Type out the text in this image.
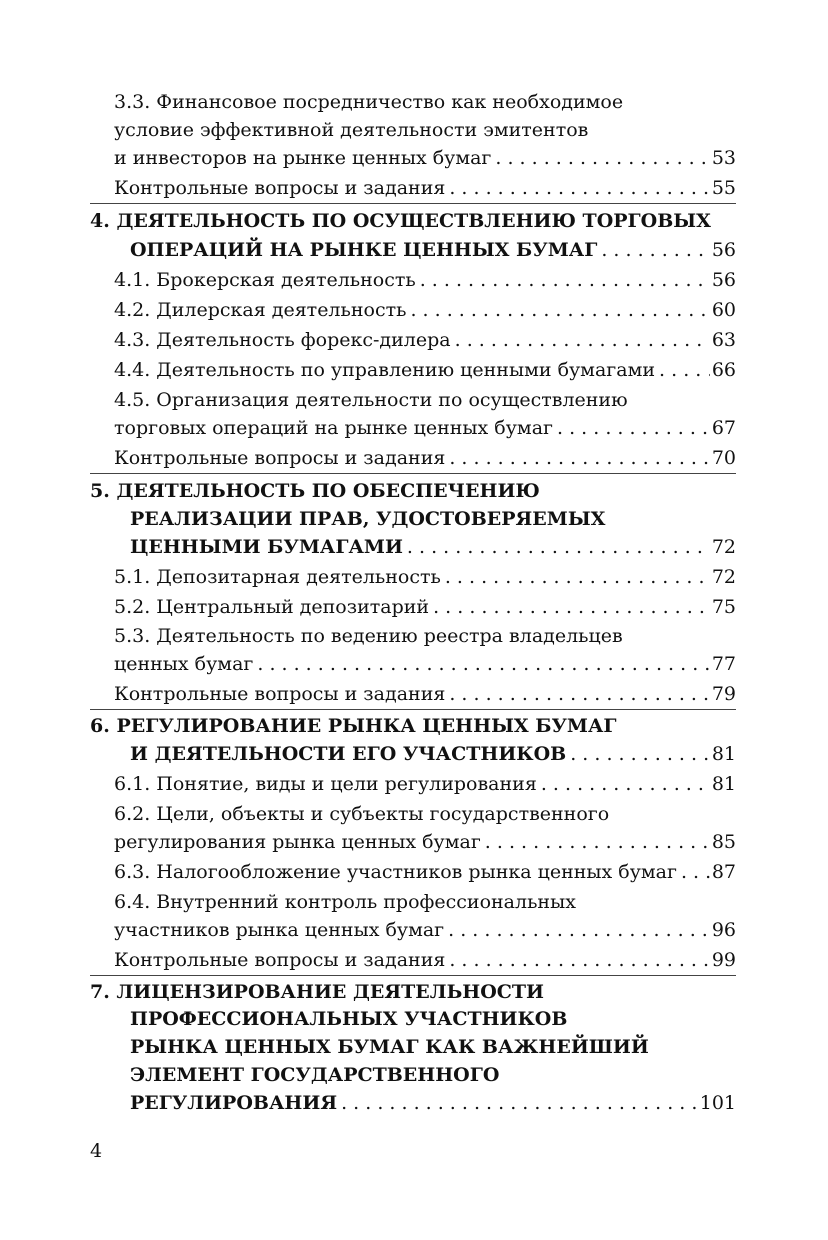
3.3. Финансовое посредничество как необходимое
условие эффективной деятельности эмитентов
и инвесторов на рынке ценных бумаг . . .	53
Контрольные вопросы и задания . . .	55
4. ДЕЯТЕЛЬНОСТЬ ПО ОСУЩЕСТВЛЕНИЮ ТОРГОВЫХ
ОПЕРАЦИЙ НА РЫНКЕ ЦЕННЫХ БУМАГ . . .	56
4.1. Брокерская деятельность . . .	56
4.2. Дилерская деятельность . . .	60
4.3. Деятельность форекс-дилера . . .	63
4.4. Деятельность по управлению ценными бумагами . . .	66
4.5. Организация деятельности по осуществлению
торговых операций на рынке ценных бумаг . . .	67
Контрольные вопросы и задания . . .	70
5. ДЕЯТЕЛЬНОСТЬ ПО ОБЕСПЕЧЕНИЮ
РЕАЛИЗАЦИИ ПРАВ, УДОСТОВЕРЯЕМЫХ
ЦЕННЫМИ БУМАГАМИ . . .	72
5.1. Депозитарная деятельность . . .	72
5.2. Центральный депозитарий . . .	75
5.3. Деятельность по ведению реестра владельцев
ценных бумаг . . .	77
Контрольные вопросы и задания . . .	79
6. РЕГУЛИРОВАНИЕ РЫНКА ЦЕННЫХ БУМАГ
И ДЕЯТЕЛЬНОСТИ ЕГО УЧАСТНИКОВ . . .	81
6.1. Понятие, виды и цели регулирования . . .	81
6.2. Цели, объекты и субъекты государственного
регулирования рынка ценных бумаг . . .	85
6.3. Налогообложение участников рынка ценных бумаг . . . 87
6.4. Внутренний контроль профессиональных
участников рынка ценных бумаг . . .	96
Контрольные вопросы и задания . . .	99
7. ЛИЦЕНЗИРОВАНИЕ ДЕЯТЕЛЬНОСТИ
ПРОФЕССИОНАЛЬНЫХ УЧАСТНИКОВ
РЫНКА ЦЕННЫХ БУМАГ КАК ВАЖНЕЙШИЙ
ЭЛЕМЕНТ ГОСУДАРСТВЕННОГО
РЕГУЛИРОВАНИЯ . . .	101
4
